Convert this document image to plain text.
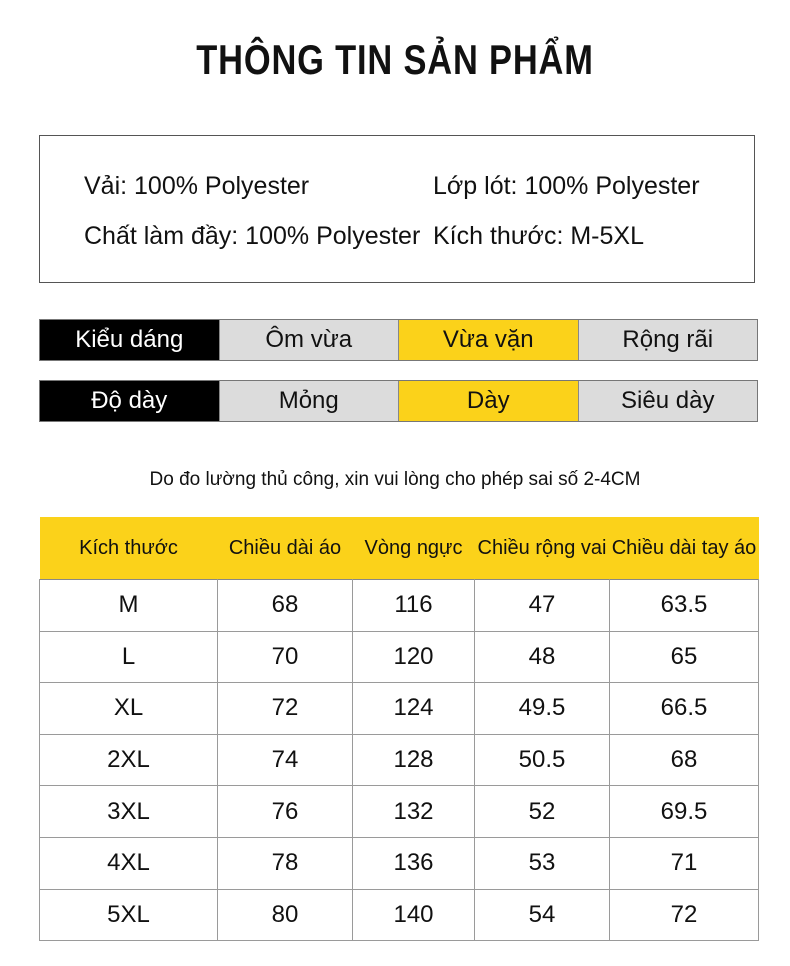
THÔNG TIN SẢN PHẨM
Vải: 100% Polyester	Lớp lót: 100% Polyester
Chất làm đầy: 100% Polyester Kích thước: M-5XL
Kiểu dáng	Ôm vừa	Vừa vặn	Rộng rãi
Độ dày	Mỏng	Dày	Siêu dày
Do đo lường thủ công, xin vui lòng cho phép sai số 2-4CM
Kích thước	Chiều dài áo	Vòng ngực	Chiều rộng vai	Chiều dài tay áo
M	68	116	47	63.5
L	70	120	48	65
XL	72	124	49.5	66.5
2XL	74	128	50.5	68
3XL	76	132	52	69.5
4XL	78	136	53	71
5XL	80	140	54	72
